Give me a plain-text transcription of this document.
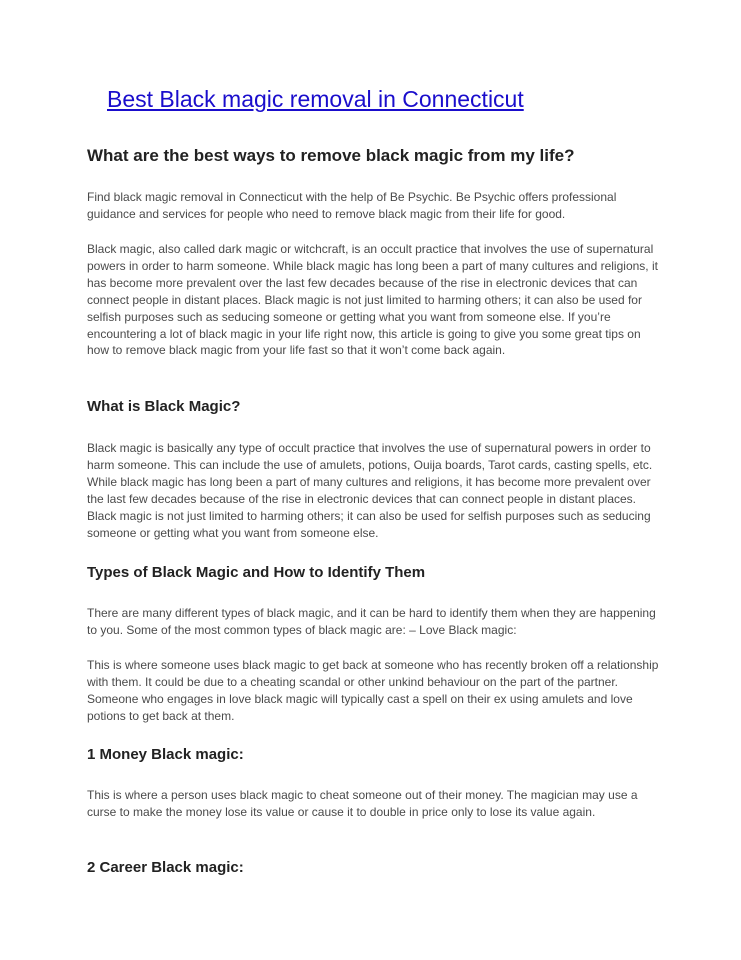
Best Black magic removal in Connecticut
What are the best ways to remove black magic from my life?

Find black magic removal in Connecticut with the help of Be Psychic. Be Psychic offers professional guidance and services for people who need to remove black magic from their life for good.

Black magic, also called dark magic or witchcraft, is an occult practice that involves the use of supernatural powers in order to harm someone. While black magic has long been a part of many cultures and religions, it has become more prevalent over the last few decades because of the rise in electronic devices that can connect people in distant places. Black magic is not just limited to harming others; it can also be used for selfish purposes such as seducing someone or getting what you want from someone else. If you’re encountering a lot of black magic in your life right now, this article is going to give you some great tips on how to remove black magic from your life fast so that it won’t come back again.

What is Black Magic?

Black magic is basically any type of occult practice that involves the use of supernatural powers in order to harm someone. This can include the use of amulets, potions, Ouija boards, Tarot cards, casting spells, etc. While black magic has long been a part of many cultures and religions, it has become more prevalent over the last few decades because of the rise in electronic devices that can connect people in distant places. Black magic is not just limited to harming others; it can also be used for selfish purposes such as seducing someone or getting what you want from someone else.

Types of Black Magic and How to Identify Them

There are many different types of black magic, and it can be hard to identify them when they are happening to you. Some of the most common types of black magic are: – Love Black magic:

This is where someone uses black magic to get back at someone who has recently broken off a relationship with them. It could be due to a cheating scandal or other unkind behaviour on the part of the partner. Someone who engages in love black magic will typically cast a spell on their ex using amulets and love potions to get back at them.

1 Money Black magic:

This is where a person uses black magic to cheat someone out of their money. The magician may use a curse to make the money lose its value or cause it to double in price only to lose its value again.

2 Career Black magic:
